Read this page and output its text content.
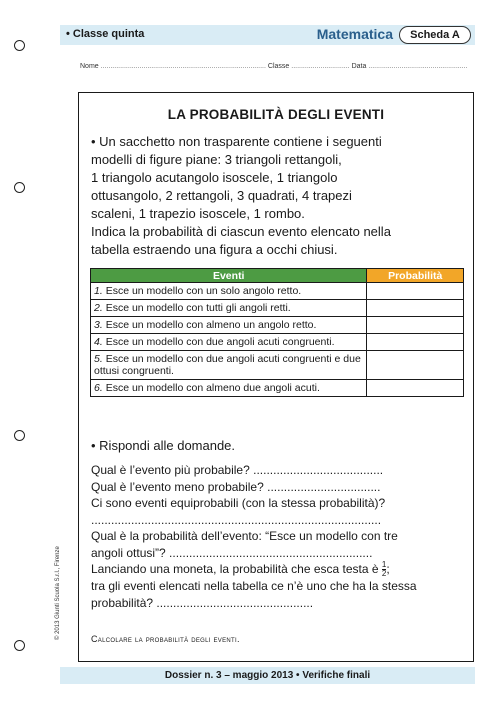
• Classe quinta	Matematica	Scheda A
Nome ..................................................................................... Classe .............................. Data ...................................................
LA PROBABILITÀ DEGLI EVENTI
• Un sacchetto non trasparente contiene i seguenti
modelli di figure piane: 3 triangoli rettangoli,
1 triangolo acutangolo isoscele, 1 triangolo
ottusangolo, 2 rettangoli, 3 quadrati, 4 trapezi
scaleni, 1 trapezio isoscele, 1 rombo.
Indica la probabilità di ciascun evento elencato nella
tabella estraendo una figura a occhi chiusi.
Eventi	Probabilità
1. Esce un modello con un solo angolo retto.	
2. Esce un modello con tutti gli angoli retti.	
3. Esce un modello con almeno un angolo retto.	
4. Esce un modello con due angoli acuti congruenti.	
5. Esce un modello con due angoli acuti congruenti e due ottusi congruenti.	
6. Esce un modello con almeno due angoli acuti.	
• Rispondi alle domande.
Qual è l’evento più probabile? .......................................
Qual è l’evento meno probabile? ..................................
Ci sono eventi equiprobabili (con la stessa probabilità)?
.......................................................................................
Qual è la probabilità dell’evento: “Esce un modello con tre
angoli ottusi”? .............................................................
Lanciando una moneta, la probabilità che esca testa è $\frac{1}{2}$ ;
tra gli eventi elencati nella tabella ce n’è uno che ha la stessa probabilità? ...............................................
Calcolare la probabilità degli eventi.
Dossier n. 3 – maggio 2013 • Verifiche finali
© 2013 Giunti Scuola S.r.l., Firenze
